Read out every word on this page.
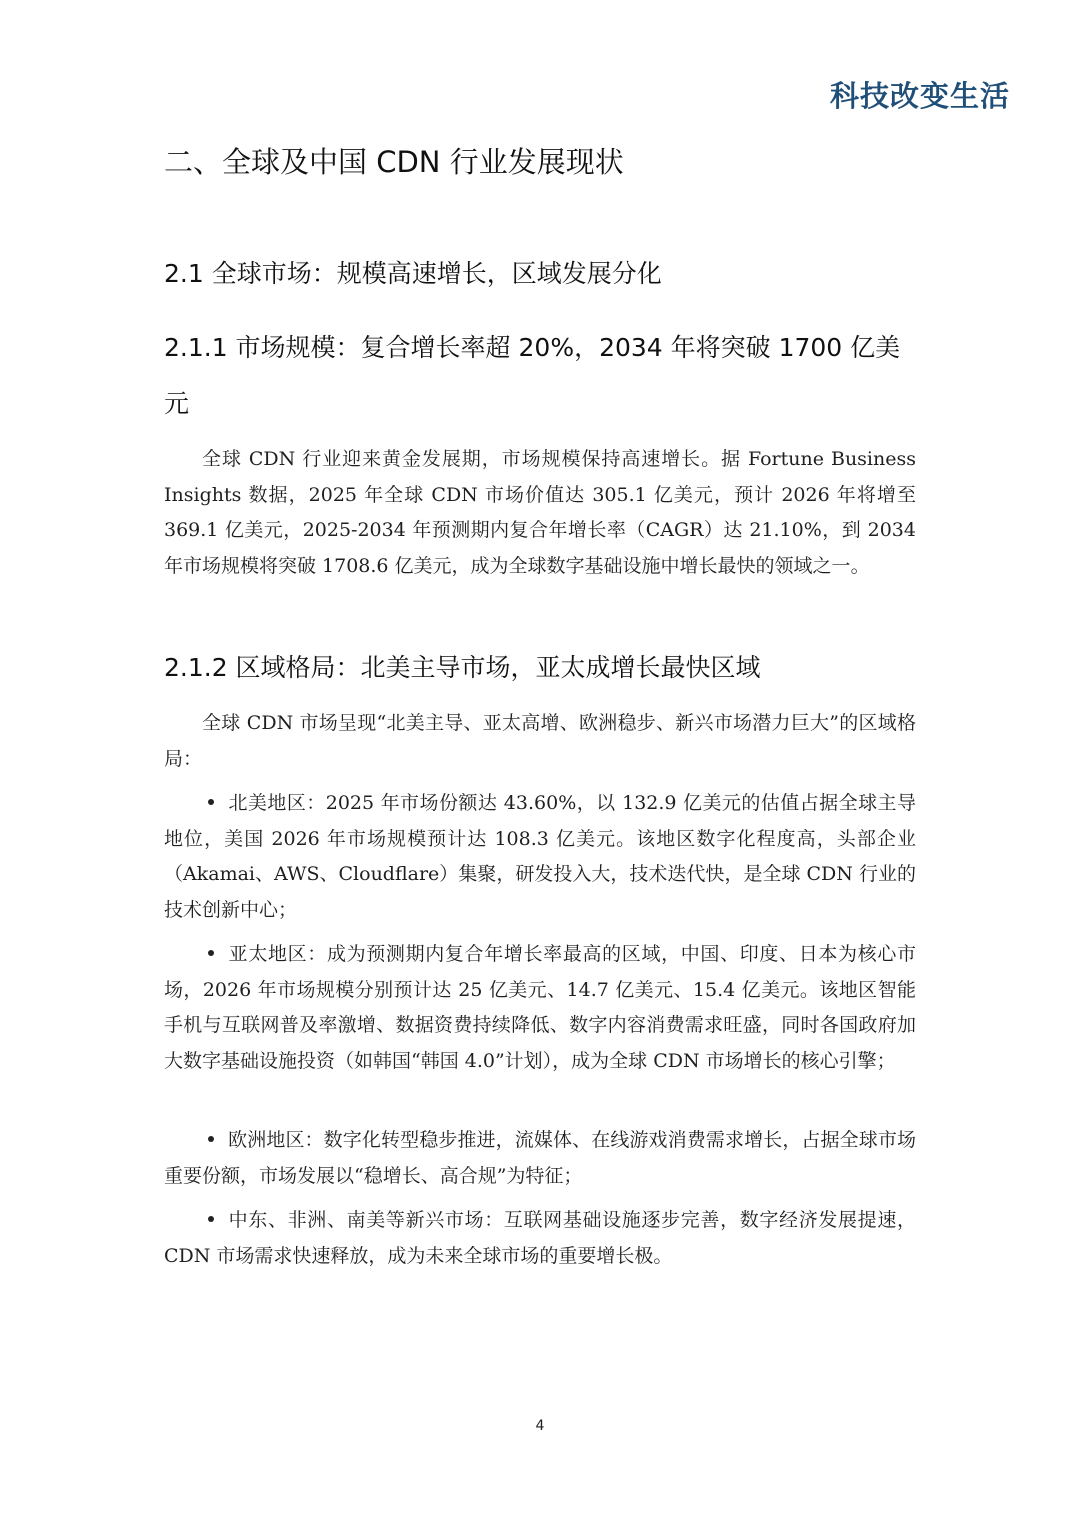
科技改变生活
二、全球及中国 CDN 行业发展现状
2.1 全球市场：规模高速增长，区域发展分化
2.1.1 市场规模：复合增长率超 20%，2034 年将突破 1700 亿美元

全球 CDN 行业迎来黄金发展期，市场规模保持高速增长。据 Fortune Business Insights 数据，2025 年全球 CDN 市场价值达 305.1 亿美元，预计 2026 年将增至 369.1 亿美元，2025-2034 年预测期内复合年增长率（CAGR）达 21.10%，到 2034 年市场规模将突破 1708.6 亿美元，成为全球数字基础设施中增长最快的领域之一。

2.1.2 区域格局：北美主导市场，亚太成增长最快区域

全球 CDN 市场呈现“北美主导、亚太高增、欧洲稳步、新兴市场潜力巨大”的区域格局：

北美地区：2025 年市场份额达 43.60%，以 132.9 亿美元的估值占据全球主导地位，美国 2026 年市场规模预计达 108.3 亿美元。该地区数字化程度高，头部企业（Akamai、AWS、Cloudflare）集聚，研发投入大，技术迭代快，是全球 CDN 行业的技术创新中心；

亚太地区：成为预测期内复合年增长率最高的区域，中国、印度、日本为核心市场，2026 年市场规模分别预计达 25 亿美元、14.7 亿美元、15.4 亿美元。该地区智能手机与互联网普及率激增、数据资费持续降低、数字内容消费需求旺盛，同时各国政府加大数字基础设施投资（如韩国“韩国 4.0”计划），成为全球 CDN 市场增长的核心引擎；

欧洲地区：数字化转型稳步推进，流媒体、在线游戏消费需求增长，占据全球市场重要份额，市场发展以“稳增长、高合规”为特征；

中东、非洲、南美等新兴市场：互联网基础设施逐步完善，数字经济发展提速，CDN 市场需求快速释放，成为未来全球市场的重要增长极。

4
